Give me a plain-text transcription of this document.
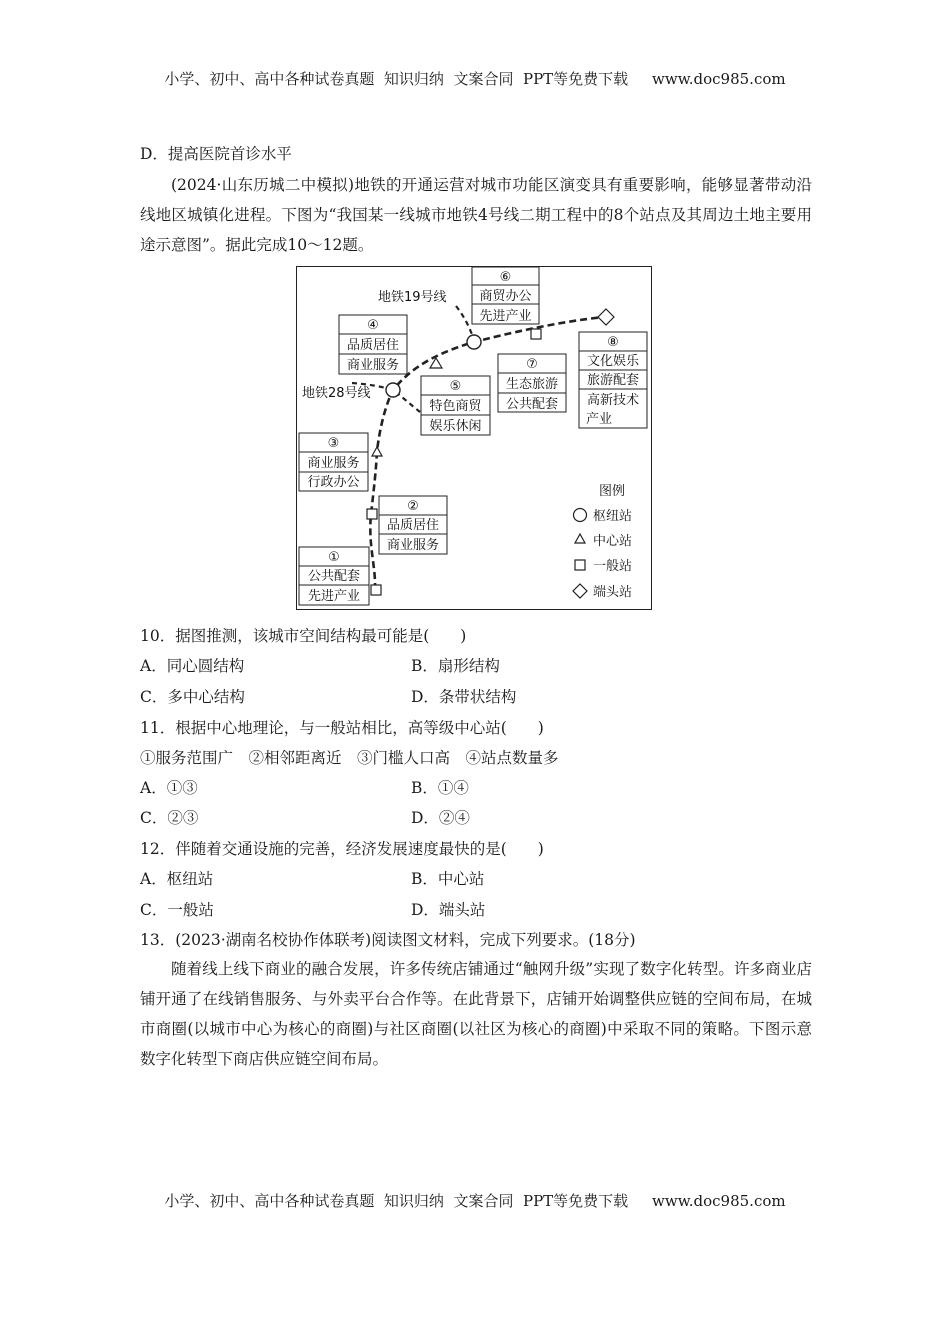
小学、初中、高中各种试卷真题  知识归纳  文案合同  PPT等免费下载     www.doc985.com
D．提高医院首诊水平
(2024·山东历城二中模拟)地铁的开通运营对城市功能区演变具有重要影响，能够显著带动沿线地区城镇化进程。下图为“我国某一线城市地铁4号线二期工程中的8个站点及其周边土地主要用途示意图”。据此完成10～12题。
⑥
商贸办公
先进产业
④
品质居住
商业服务	⑦
生态旅游
公共配套
⑧
文化娱乐
旅游配套
高新技术
产业
⑤
特色商贸
娱乐休闲
③
商业服务
行政办公
②
品质居住
商业服务
①
公共配套
先进产业
地铁19号线
地铁28号线
图例
枢纽站
中心站
一般站
端头站
10．据图推测，该城市空间结构最可能是(　　)
A．同心圆结构	B．扇形结构
C．多中心结构	D．条带状结构
11．根据中心地理论，与一般站相比，高等级中心站(　　)
①服务范围广　②相邻距离近　③门槛人口高　④站点数量多
A．①③	B．①④
C．②③	D．②④
12．伴随着交通设施的完善，经济发展速度最快的是(　　)
A．枢纽站	B．中心站
C．一般站	D．端头站
13．(2023·湖南名校协作体联考)阅读图文材料，完成下列要求。(18分)
随着线上线下商业的融合发展，许多传统店铺通过“触网升级”实现了数字化转型。许多商业店铺开通了在线销售服务、与外卖平台合作等。在此背景下，店铺开始调整供应链的空间布局，在城市商圈(以城市中心为核心的商圈)与社区商圈(以社区为核心的商圈)中采取不同的策略。下图示意数字化转型下商店供应链空间布局。
小学、初中、高中各种试卷真题  知识归纳  文案合同  PPT等免费下载     www.doc985.com
